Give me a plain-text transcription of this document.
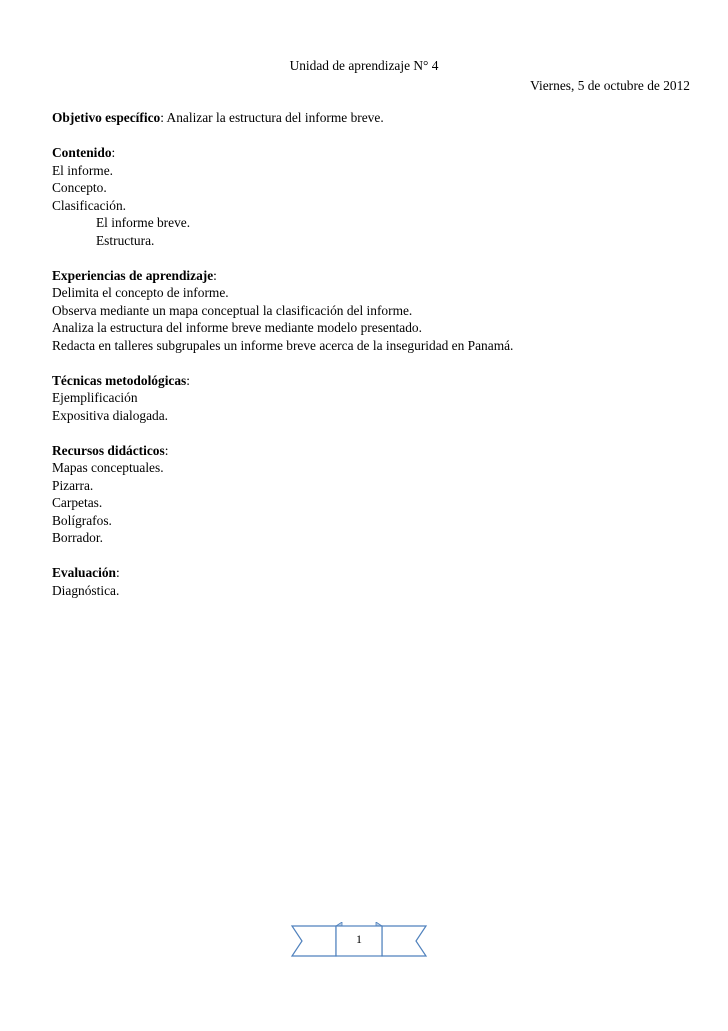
Unidad de aprendizaje N° 4
Viernes, 5 de octubre de 2012
Objetivo específico: Analizar la estructura del informe breve.
Contenido:
El informe.
Concepto.
Clasificación.
El informe breve.
Estructura.
Experiencias de aprendizaje:
Delimita el concepto de informe.
Observa mediante un mapa conceptual la clasificación del informe.
Analiza la estructura del informe breve mediante modelo presentado.
Redacta en talleres subgrupales un informe breve acerca de la inseguridad en Panamá.
Técnicas metodológicas:
Ejemplificación
Expositiva dialogada.
Recursos didácticos:
Mapas conceptuales.
Pizarra.
Carpetas.
Bolígrafos.
Borrador.
Evaluación:
Diagnóstica.
1
